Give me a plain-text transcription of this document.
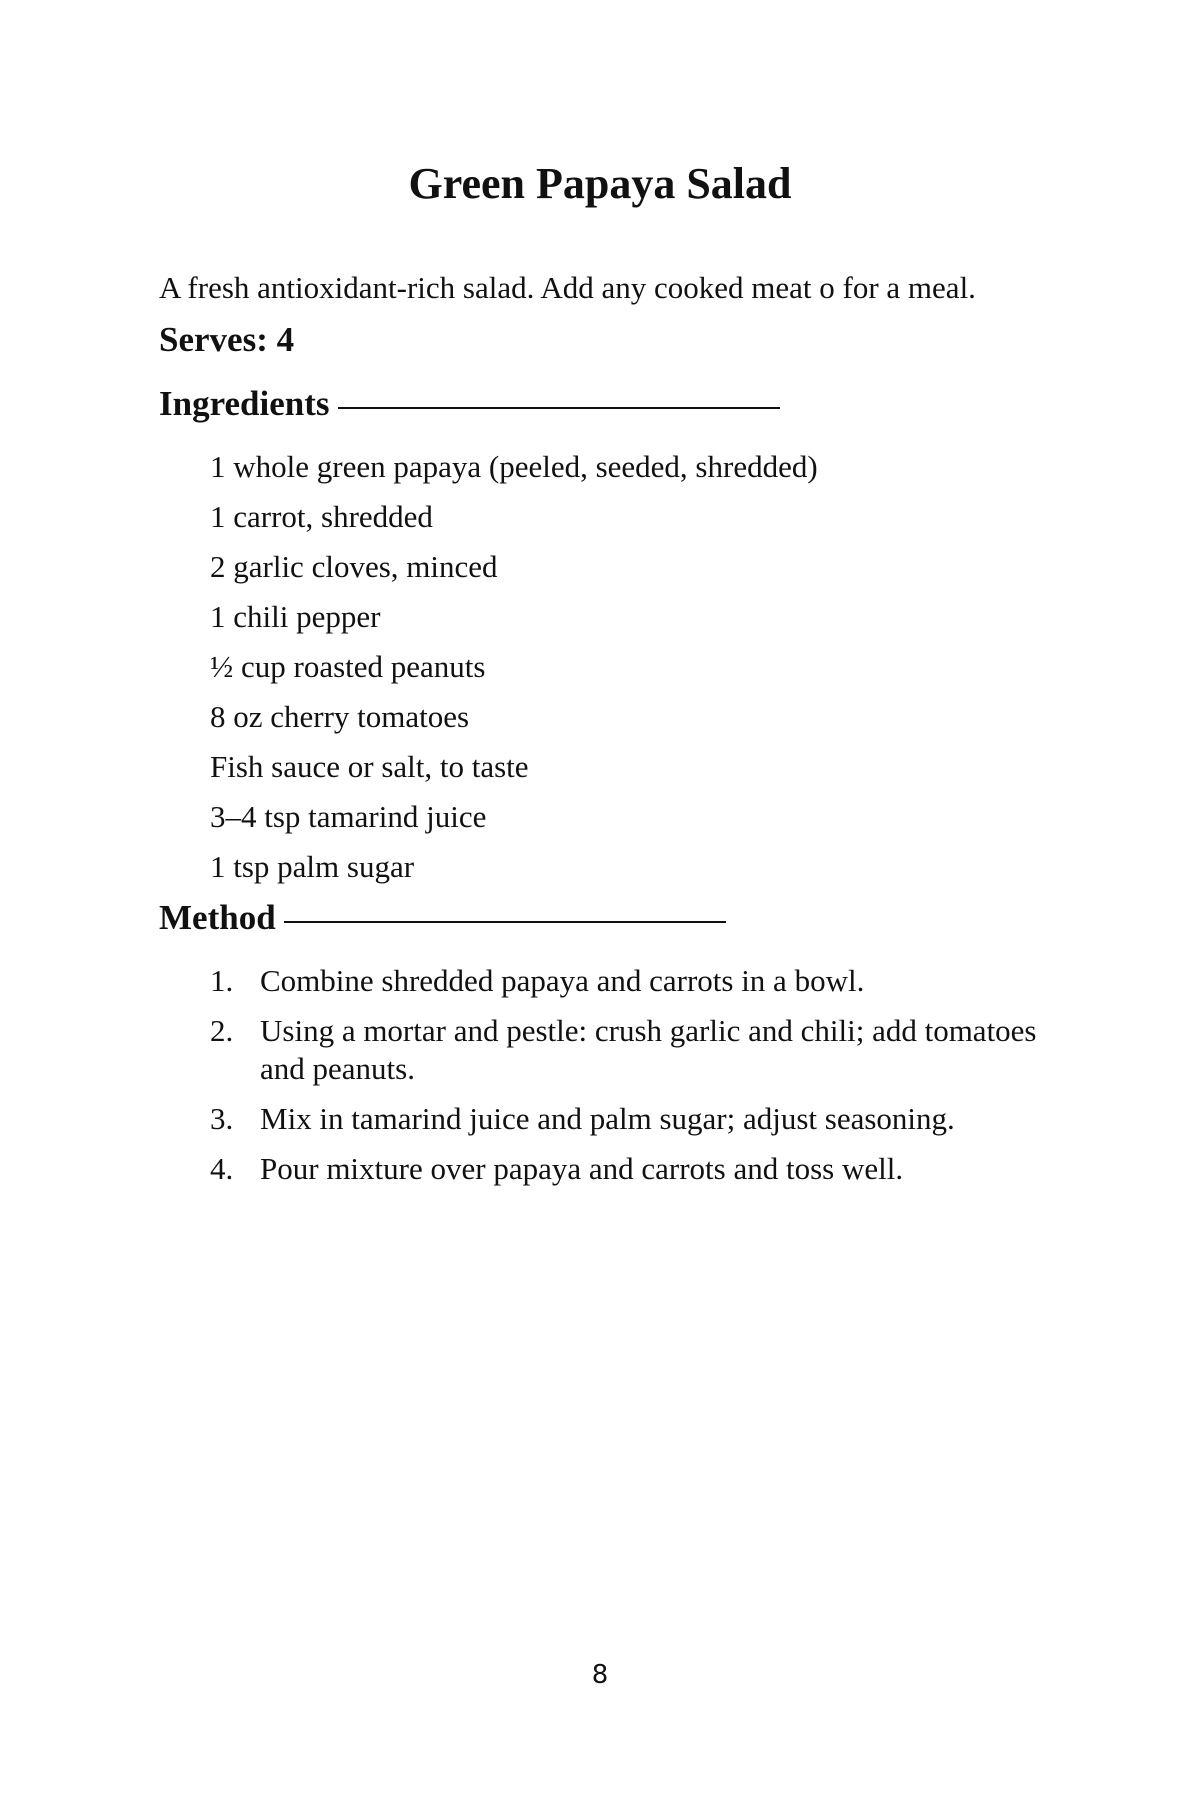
Green Papaya Salad

A fresh antioxidant-rich salad. Add any cooked meat o for a meal.

Serves: 4

Ingredients
1 whole green papaya (peeled, seeded, shredded)
1 carrot, shredded
2 garlic cloves, minced
1 chili pepper
½ cup roasted peanuts
8 oz cherry tomatoes
Fish sauce or salt, to taste
3–4 tsp tamarind juice
1 tsp palm sugar
Method
1. Combine shredded papaya and carrots in a bowl.
2. Using a mortar and pestle: crush garlic and chili; add tomatoes and peanuts.
3. Mix in tamarind juice and palm sugar; adjust seasoning.
4. Pour mixture over papaya and carrots and toss well.

8
